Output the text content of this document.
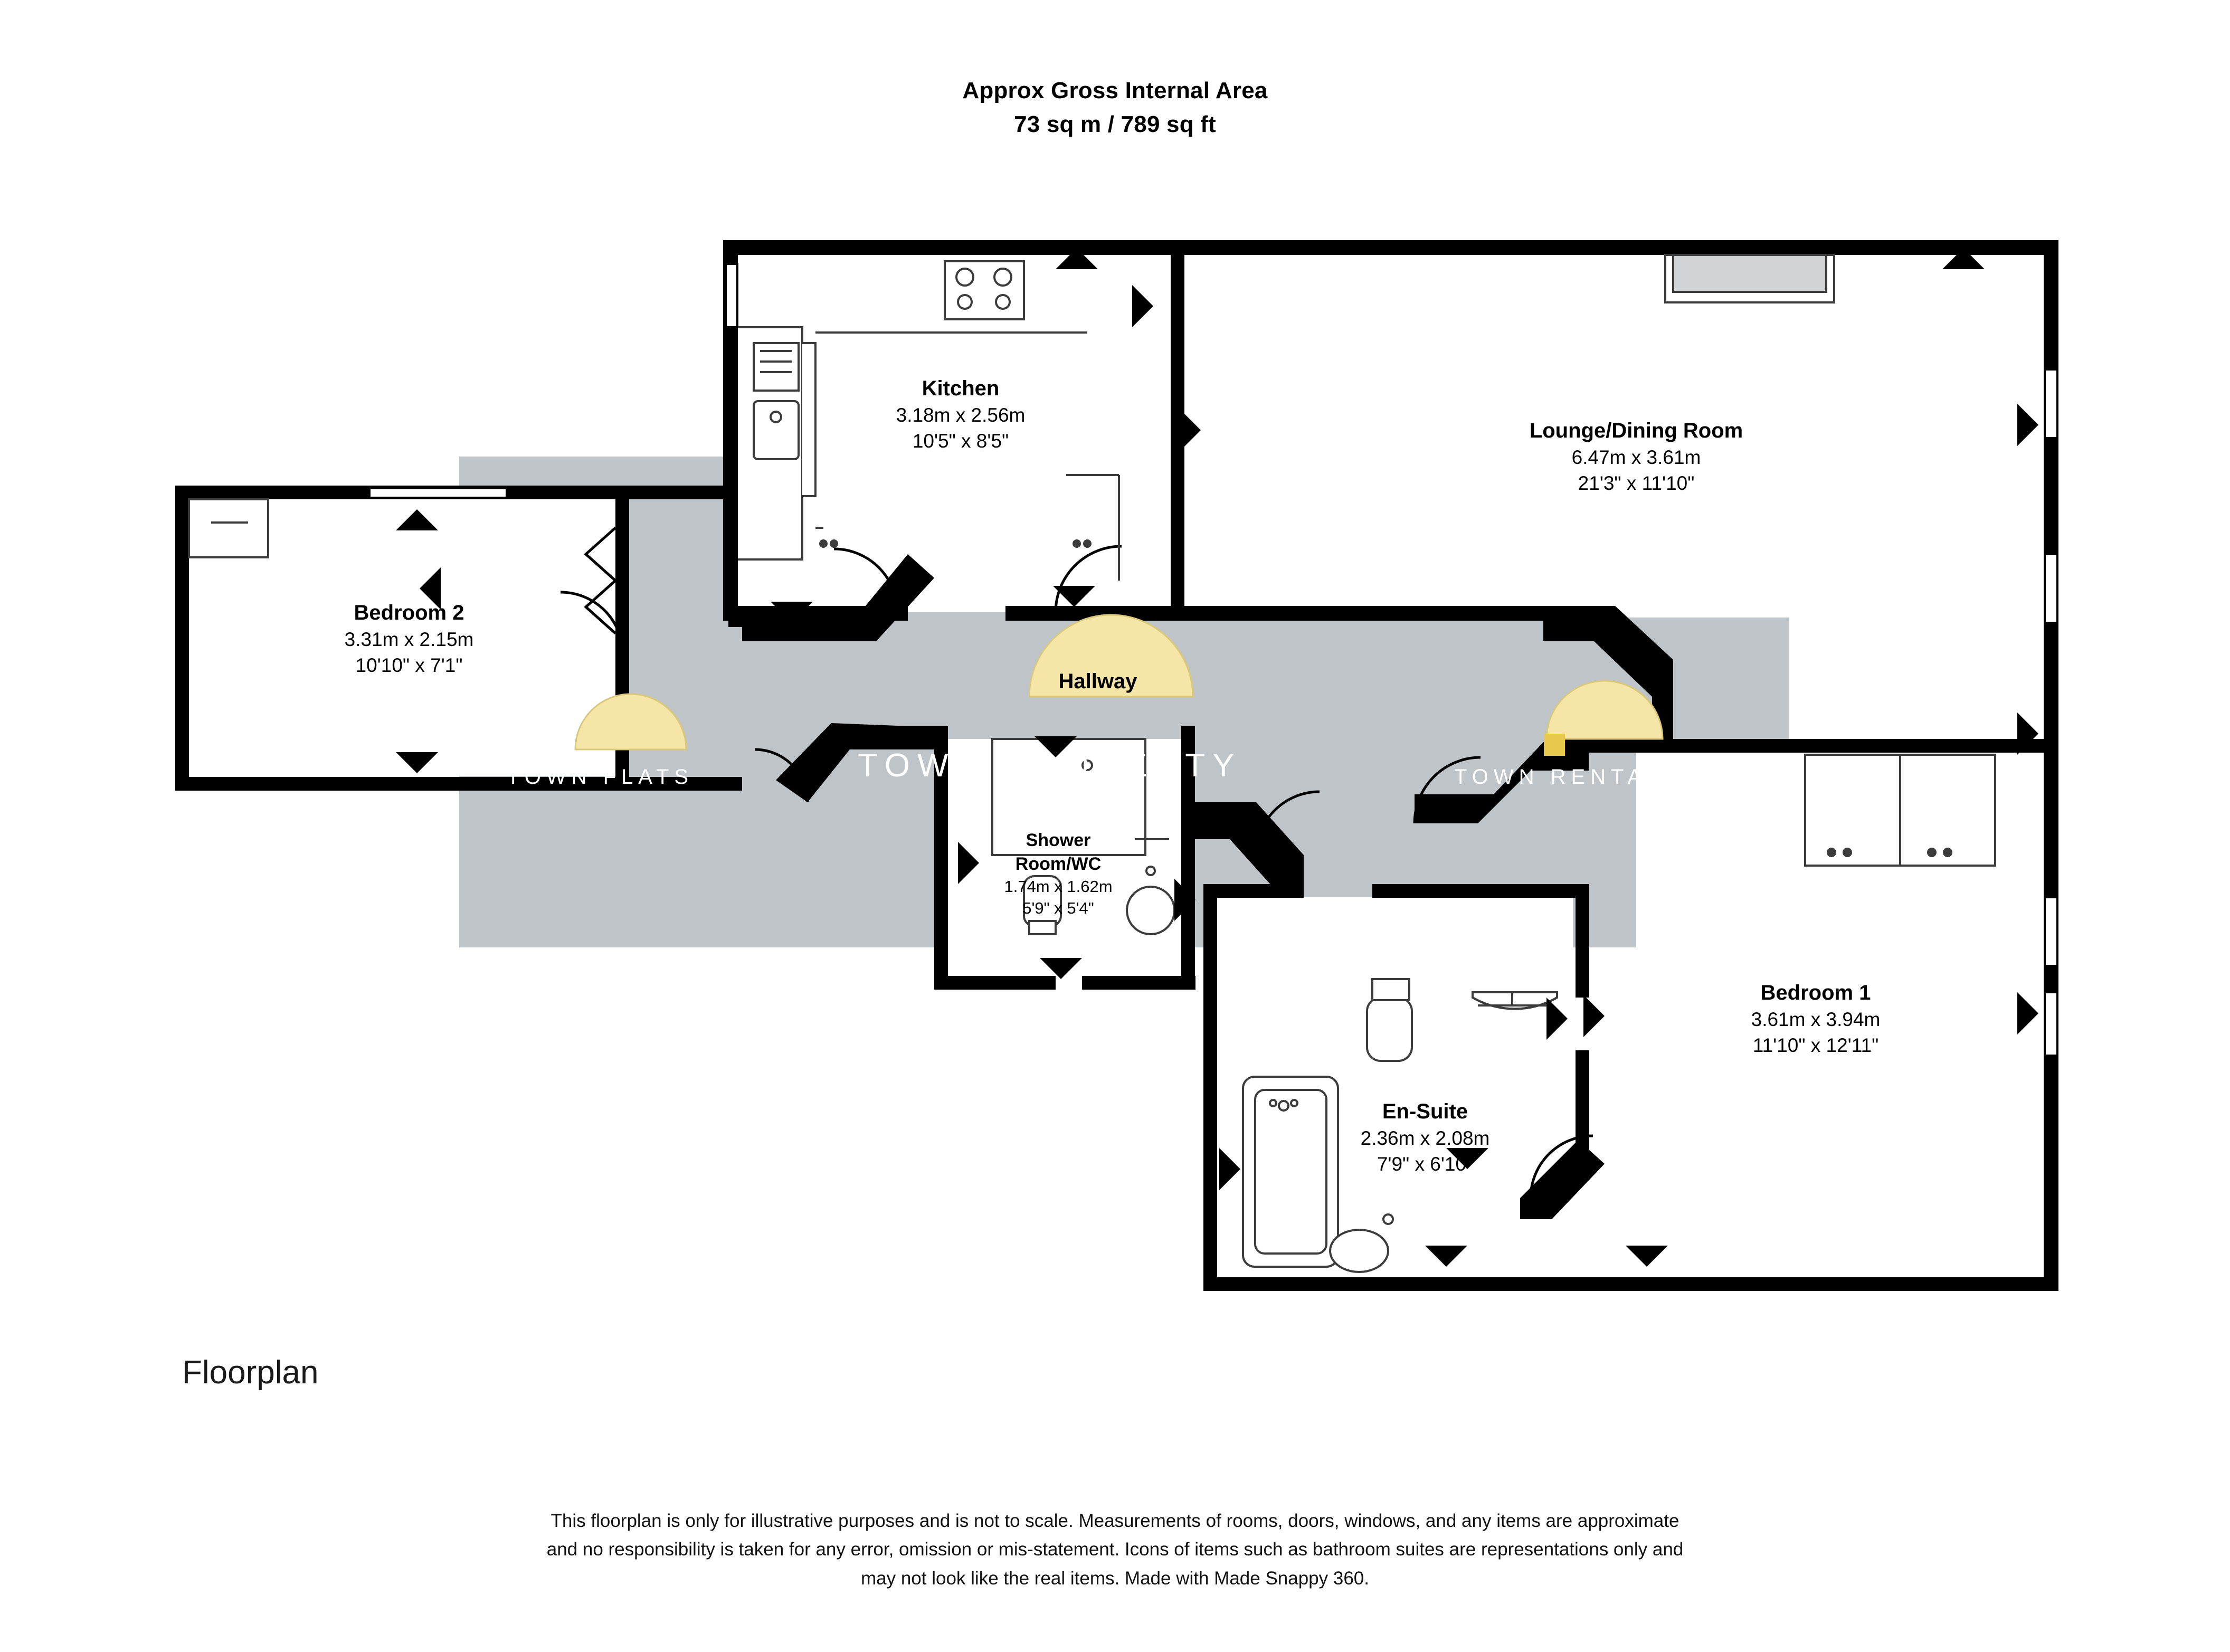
Approx Gross Internal Area
73 sq m / 789 sq ft
Kitchen
3.18m x 2.56m
10'5" x 8'5"	Lounge/Dining Room
6.47m x 3.61m
21'3" x 11'10"
Bedroom 2
3.31m x 2.15m
10'10" x 7'1"
Hallway
Shower
Room/WC
1.74m x 1.62m
5'9" x 5'4"
En-Suite
2.36m x 2.08m
7'9" x 6'10"
Bedroom 1
3.61m x 3.94m
11'10" x 12'11"
TOWN FLATS	TOWN PROPERTY	TOWN RENTALS
Floorplan
This floorplan is only for illustrative purposes and is not to scale. Measurements of rooms, doors, windows, and any items are approximate
and no responsibility is taken for any error, omission or mis-statement. Icons of items such as bathroom suites are representations only and
may not look like the real items. Made with Made Snappy 360.
